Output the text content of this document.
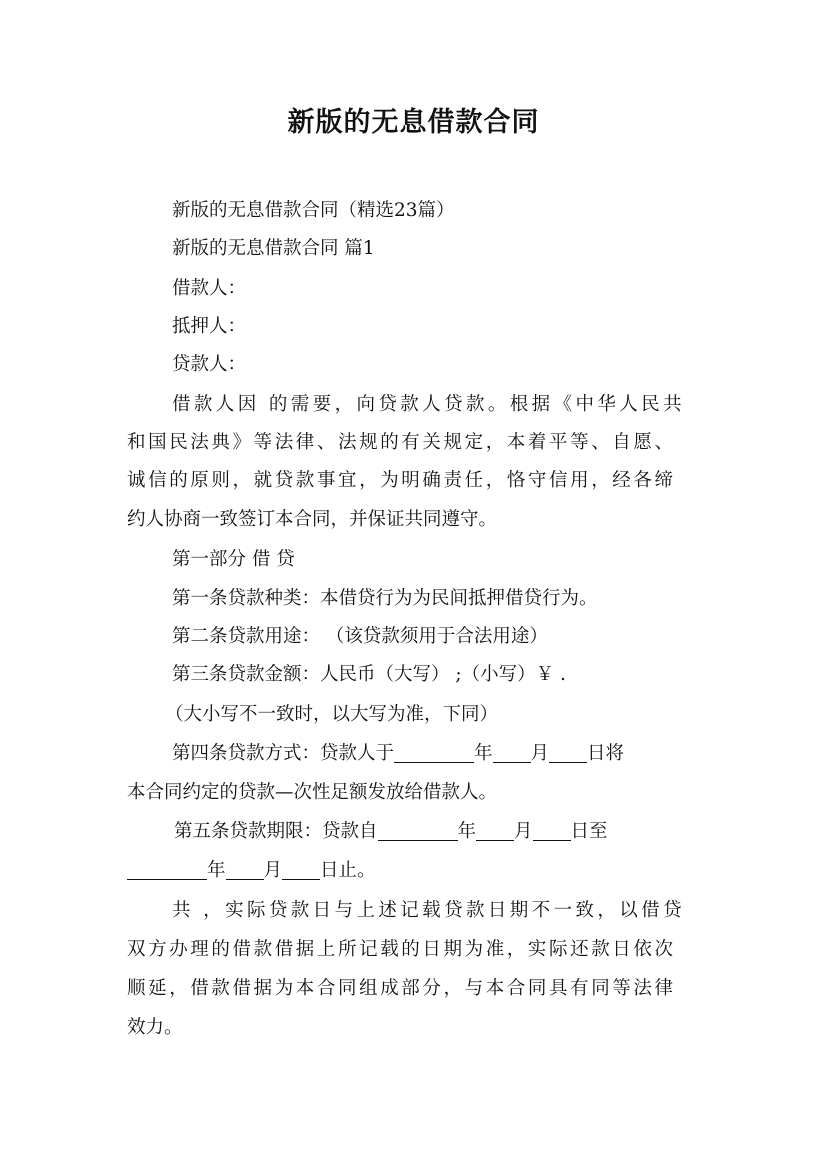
新版的无息借款合同
新版的无息借款合同（精选23篇）
新版的无息借款合同 篇1
借款人：
抵押人：
贷款人：
借款人因 的需要，向贷款人贷款。根据《中华人民共
和国民法典》等法律、法规的有关规定，本着平等、自愿、
诚信的原则，就贷款事宜，为明确责任，恪守信用，经各缔
约人协商一致签订本合同，并保证共同遵守。
第一部分 借 贷
第一条贷款种类：本借贷行为为民间抵押借贷行为。
第二条贷款用途： （该贷款须用于合法用途）
第三条贷款金额：人民币（大写） ;（小写）￥ .
（大小写不一致时，以大写为准，下同）
第四条贷款方式：贷款人于	年 月 日将
本合同约定的贷款—次性足额发放给借款人。
第五条贷款期限：贷款自	年 月 日至
年 月 日止。
共 ，实际贷款日与上述记载贷款日期不一致，以借贷
双方办理的借款借据上所记载的日期为准，实际还款日依次
顺延，借款借据为本合同组成部分，与本合同具有同等法律
效力。
